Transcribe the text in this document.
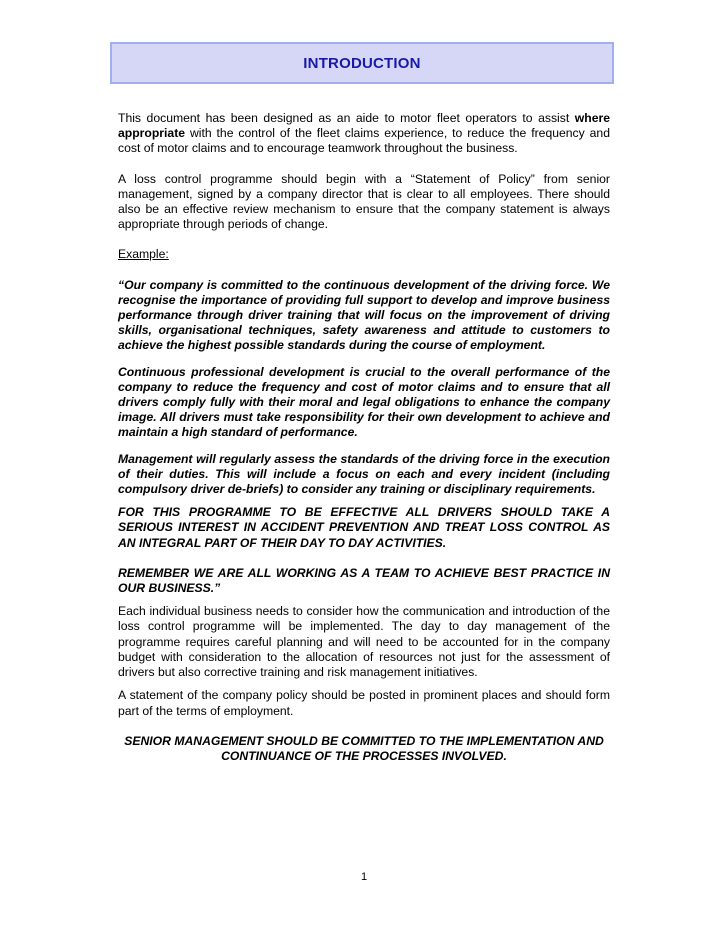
INTRODUCTION

This document has been designed as an aide to motor fleet operators to assist where appropriate with the control of the fleet claims experience, to reduce the frequency and cost of motor claims and to encourage teamwork throughout the business.

A loss control programme should begin with a “Statement of Policy” from senior management, signed by a company director that is clear to all employees. There should also be an effective review mechanism to ensure that the company statement is always appropriate through periods of change.

Example:

“Our company is committed to the continuous development of the driving force. We recognise the importance of providing full support to develop and improve business performance through driver training that will focus on the improvement of driving skills, organisational techniques, safety awareness and attitude to customers to achieve the highest possible standards during the course of employment.

Continuous professional development is crucial to the overall performance of the company to reduce the frequency and cost of motor claims and to ensure that all drivers comply fully with their moral and legal obligations to enhance the company image. All drivers must take responsibility for their own development to achieve and maintain a high standard of performance.

Management will regularly assess the standards of the driving force in the execution of their duties. This will include a focus on each and every incident (including compulsory driver de-briefs) to consider any training or disciplinary requirements.

FOR THIS PROGRAMME TO BE EFFECTIVE ALL DRIVERS SHOULD TAKE A SERIOUS INTEREST IN ACCIDENT PREVENTION AND TREAT LOSS CONTROL AS AN INTEGRAL PART OF THEIR DAY TO DAY ACTIVITIES.

REMEMBER WE ARE ALL WORKING AS A TEAM TO ACHIEVE BEST PRACTICE IN OUR BUSINESS.”

Each individual business needs to consider how the communication and introduction of the loss control programme will be implemented. The day to day management of the programme requires careful planning and will need to be accounted for in the company budget with consideration to the allocation of resources not just for the assessment of drivers but also corrective training and risk management initiatives.

A statement of the company policy should be posted in prominent places and should form part of the terms of employment.

SENIOR MANAGEMENT SHOULD BE COMMITTED TO THE IMPLEMENTATION AND CONTINUANCE OF THE PROCESSES INVOLVED.

1
